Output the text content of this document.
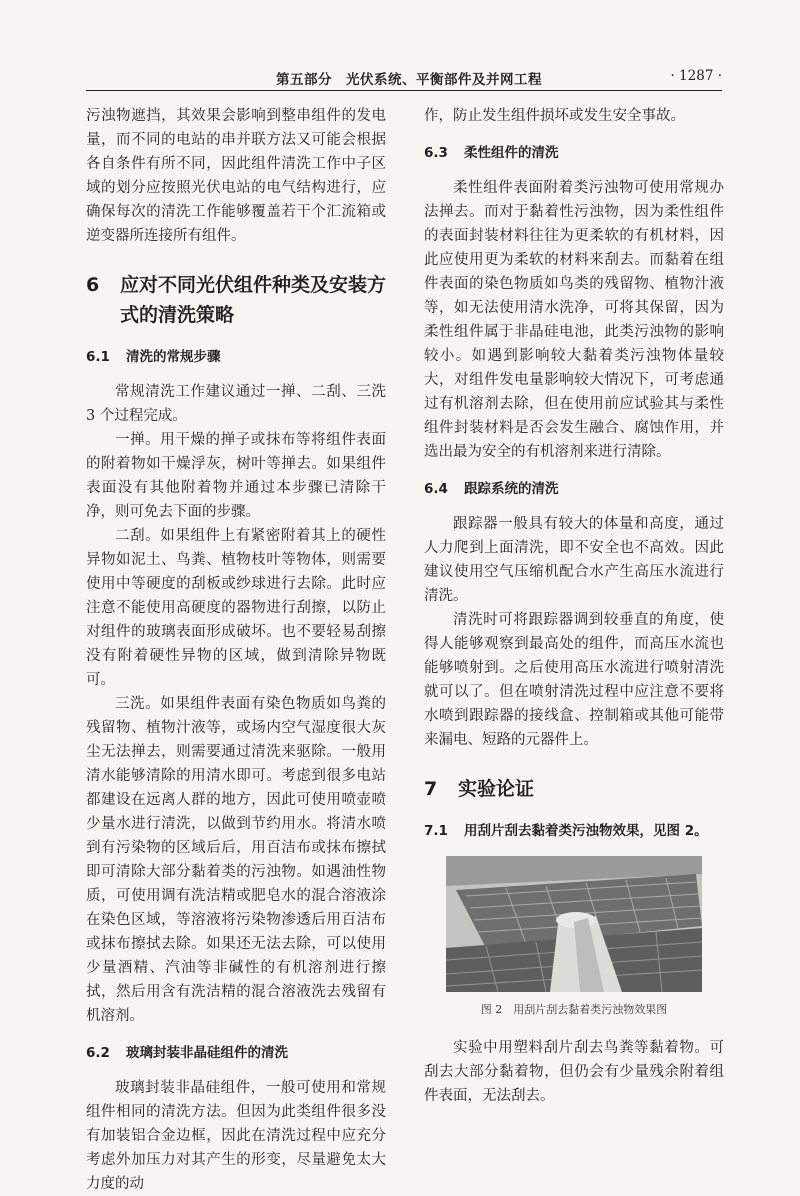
第五部分　光伏系统、平衡部件及并网工程	· 1287 ·

污浊物遮挡，其效果会影响到整串组件的发电量，而不同的电站的串并联方法又可能会根据各自条件有所不同，因此组件清洗工作中子区域的划分应按照光伏电站的电气结构进行，应确保每次的清洗工作能够覆盖若干个汇流箱或逆变器所连接所有组件。

6	应对不同光伏组件种类及安装方式的清洗策略
6.1 清洗的常规步骤

常规清洗工作建议通过一掸、二刮、三洗 3 个过程完成。

一掸。用干燥的掸子或抹布等将组件表面的附着物如干燥浮灰，树叶等掸去。如果组件表面没有其他附着物并通过本步骤已清除干净，则可免去下面的步骤。

二刮。如果组件上有紧密附着其上的硬性异物如泥土、鸟粪、植物枝叶等物体，则需要使用中等硬度的刮板或纱球进行去除。此时应注意不能使用高硬度的器物进行刮擦，以防止对组件的玻璃表面形成破坏。也不要轻易刮擦没有附着硬性异物的区域，做到清除异物既可。

三洗。如果组件表面有染色物质如鸟粪的残留物、植物汁液等，或场内空气湿度很大灰尘无法掸去，则需要通过清洗来驱除。一般用清水能够清除的用清水即可。考虑到很多电站都建设在远离人群的地方，因此可使用喷壶喷少量水进行清洗，以做到节约用水。将清水喷到有污染物的区域后后，用百洁布或抹布擦拭即可清除大部分黏着类的污浊物。如遇油性物质，可使用调有洗洁精或肥皂水的混合溶液涂在染色区域，等溶液将污染物渗透后用百洁布或抹布擦拭去除。如果还无法去除，可以使用少量酒精、汽油等非碱性的有机溶剂进行擦拭，然后用含有洗洁精的混合溶液洗去残留有机溶剂。

6.2 玻璃封装非晶硅组件的清洗

玻璃封装非晶硅组件，一般可使用和常规组件相同的清洗方法。但因为此类组件很多没有加装铝合金边框，因此在清洗过程中应充分考虑外加压力对其产生的形变，尽量避免太大力度的动

作，防止发生组件损坏或发生安全事故。

6.3 柔性组件的清洗

柔性组件表面附着类污浊物可使用常规办法掸去。而对于黏着性污浊物，因为柔性组件的表面封装材料往往为更柔软的有机材料，因此应使用更为柔软的材料来刮去。而黏着在组件表面的染色物质如鸟类的残留物、植物汁液等，如无法使用清水洗净，可将其保留，因为柔性组件属于非晶硅电池，此类污浊物的影响较小。如遇到影响较大黏着类污浊物体量较大，对组件发电量影响较大情况下，可考虑通过有机溶剂去除，但在使用前应试验其与柔性组件封装材料是否会发生融合、腐蚀作用，并选出最为安全的有机溶剂来进行清除。

6.4 跟踪系统的清洗

跟踪器一般具有较大的体量和高度，通过人力爬到上面清洗，即不安全也不高效。因此建议使用空气压缩机配合水产生高压水流进行清洗。

清洗时可将跟踪器调到较垂直的角度，使得人能够观察到最高处的组件，而高压水流也能够喷射到。之后使用高压水流进行喷射清洗就可以了。但在喷射清洗过程中应注意不要将水喷到跟踪器的接线盒、控制箱或其他可能带来漏电、短路的元器件上。

7	实验论证
7.1 用刮片刮去黏着类污浊物效果，见图 2。
图 2　用刮片刮去黏着类污浊物效果图

实验中用塑料刮片刮去鸟粪等黏着物。可刮去大部分黏着物，但仍会有少量残余附着组件表面，无法刮去。
